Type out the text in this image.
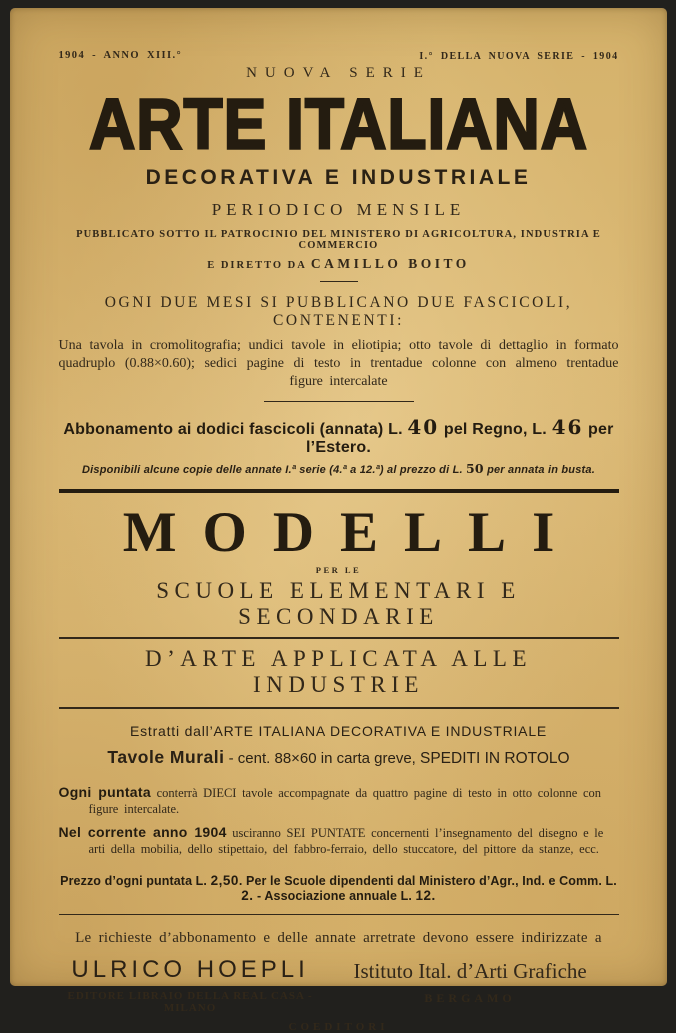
1904 - ANNO XIII.°	I.° DELLA NUOVA SERIE - 1904
NUOVA SERIE
ARTE ITALIANA
DECORATIVA E INDUSTRIALE
PERIODICO MENSILE
PUBBLICATO SOTTO IL PATROCINIO DEL MINISTERO DI AGRICOLTURA, INDUSTRIA E COMMERCIO
E DIRETTO DA CAMILLO BOITO
OGNI DUE MESI SI PUBBLICANO DUE FASCICOLI, CONTENENTI:
Una tavola in cromolitografia; undici tavole in eliotipia; otto tavole di dettaglio in formato quadruplo (0.88×0.60); sedici pagine di testo in trentadue colonne con almeno trentadue figure intercalate
Abbonamento ai dodici fascicoli (annata) L. 40 pel Regno, L. 46 per l’Estero.
Disponibili alcune copie delle annate I.ª serie (4.ª a 12.ª) al prezzo di L. 50 per annata in busta.
MODELLI
PER LE
SCUOLE ELEMENTARI E SECONDARIE
D’ARTE APPLICATA ALLE INDUSTRIE
Estratti dall’ARTE ITALIANA DECORATIVA E INDUSTRIALE
Tavole Murali - cent. 88×60 in carta greve, SPEDITI IN ROTOLO
Ogni puntata conterrà DIECI tavole accompagnate da quattro pagine di testo in otto colonne con figure intercalate.
Nel corrente anno 1904 usciranno SEI PUNTATE concernenti l’insegnamento del disegno e le arti della mobilia, dello stipettaio, del fabbro-ferraio, dello stuccatore, del pittore da stanze, ecc.
Prezzo d’ogni puntata L. 2,50. Per le Scuole dipendenti dal Ministero d’Agr., Ind. e Comm. L. 2. - Associazione annuale L. 12.
Le richieste d’abbonamento e delle annate arretrate devono essere indirizzate a
ULRICO HOEPLI
EDITORE LIBRAIO DELLA REAL CASA - MILANO
Istituto Ital. d’Arti Grafiche
BERGAMO
COEDITORI
